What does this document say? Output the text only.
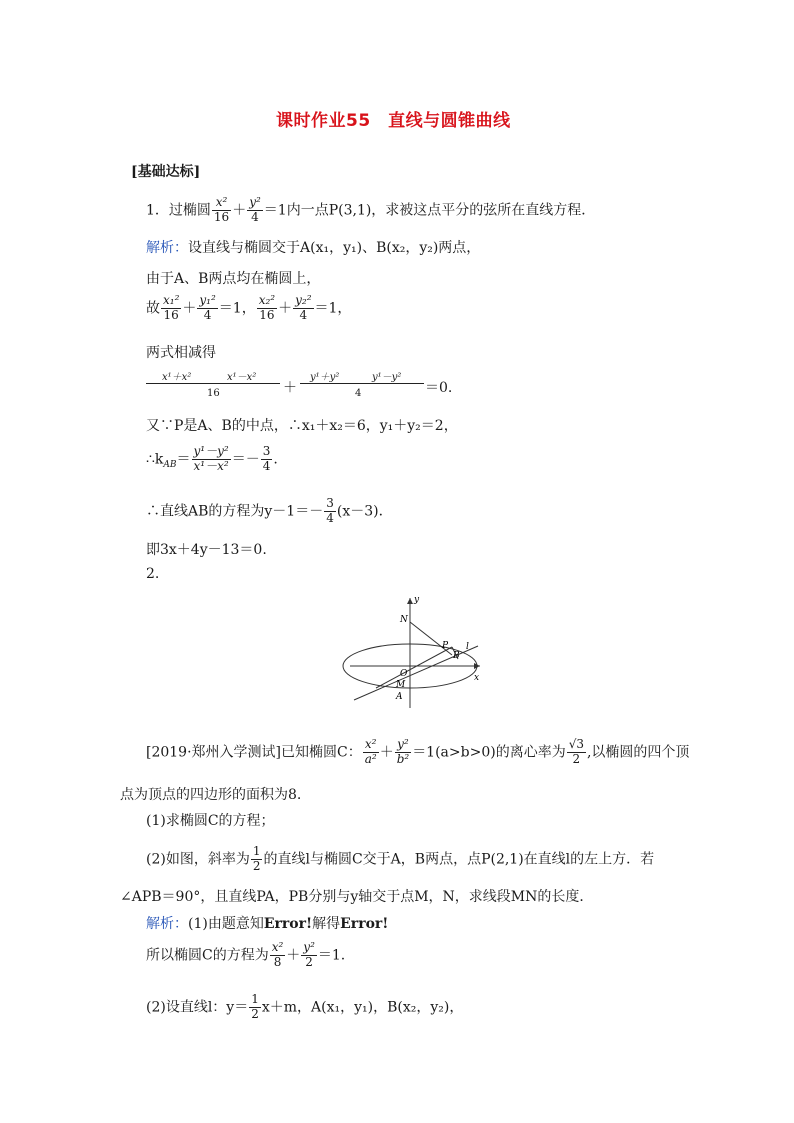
课时作业55　直线与圆锥曲线
[基础达标]
1．过椭圆 $\frac{\text{x²}}{16} + \frac{\text{y²}}{4} =1$内一点P(3,1)，求被这点平分的弦所在直线方程．
解析：设直线与椭圆交于A(x₁，y₁)、B(x₂，y₂)两点，
由于A、B两点均在椭圆上，
故 $\frac{\text{x₁²}}{16} + \frac{\text{y₁²}}{4} =1$， $\frac{\text{x₂²}}{16} + \frac{\text{y₂²}}{4} =1$，
两式相减得
x¹＋x²	x¹－x²
16	＋
y¹＋y²	y¹－y²
4	＝0.
又∵P是A、B的中点，∴x₁＋x₂＝6，y₁＋y₂＝2，
$\therefore k_{AB}= \frac{\text{y¹－y²}}{\text{x¹－x²}} =- \frac{3}{4}$ .
∴直线AB的方程为$y-1=- \frac{3}{4} (x-3)$．
即3x＋4y－13＝0.
2.
y
x
N
P l
B
O
M
A
[2019·郑州入学测试]已知椭圆C： $\frac{\text{x²}}{\text{a²}} + \frac{\text{y²}}{\text{b²}} =1(a>b>0)$的离心率为 $\frac{√3}{2}$ ,以椭圆的四个顶
点为顶点的四边形的面积为8.
(1)求椭圆C的方程；
(2)如图，斜率为 $\frac{1}{2}$ 的直线l与椭圆C交于A，B两点，点P(2,1)在直线l的左上方．若
∠APB＝90°，且直线PA，PB分别与y轴交于点M，N，求线段MN的长度．
解析：(1)由题意知Error!解得Error!
所以椭圆C的方程为 $\frac{\text{x²}}{8} + \frac{\text{y²}}{2} =1$.
(2)设直线l：$y= \frac{1}{2} x+m$，A(x₁，y₁)，B(x₂，y₂)，
